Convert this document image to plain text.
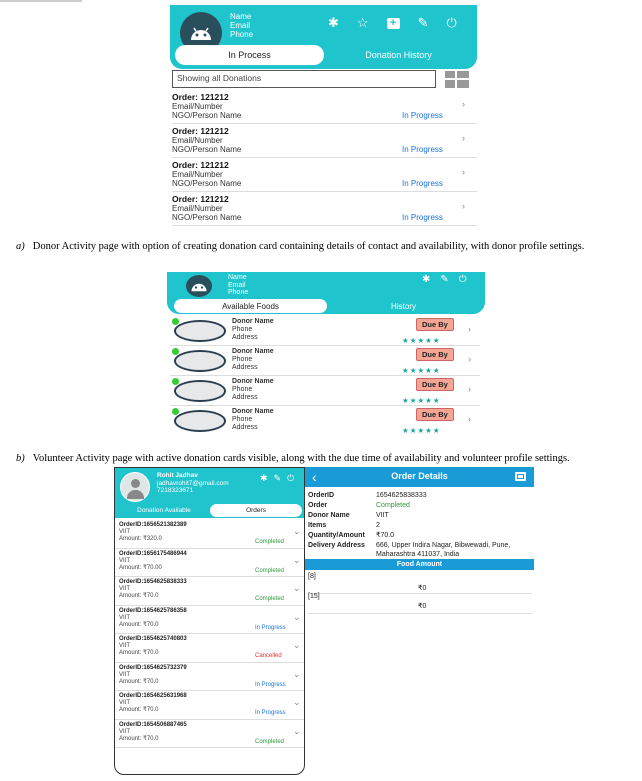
Name
Email
Phone
✱ ☆ + ✎ ⏻
In Process	Donation History
Showing all Donations
Order: 121212
Email/Number
NGO/Person Name	In Progress
›
Order: 121212
Email/Number
NGO/Person Name	In Progress
›
Order: 121212
Email/Number
NGO/Person Name	In Progress
›
Order: 121212
Email/Number
NGO/Person Name	In Progress
›
a) Donor Activity page with option of creating donation card containing details of contact and availability, with donor profile settings.
Name
Email
Phone
✱ ✎ ⏻
Available Foods	History
Donor Name
Phone
Address
Due By	›
★★★★★
Donor Name
Phone
Address
Due By	›
★★★★★
Donor Name
Phone
Address
Due By	›
★★★★★
Donor Name
Phone
Address
Due By	›
★★★★★
b) Volunteer Activity page with active donation cards visible, along with the due time of availability and volunteer profile settings.
Rohit Jadhav
jadhavrohit7@gmail.com
7218323671
✱ ✎ ⏻
Donation Available	Orders
OrderID:1656521382389
VIIT
Amount: ₹320.0	Completed
⌄
OrderID:1656175486944
VIIT
Amount: ₹70.00	Completed
⌄
OrderID:1654625838333
VIIT
Amount: ₹70.0	Completed
⌄
OrderID:1654625786358
VIIT
Amount: ₹70.0	In Progress
⌄
OrderID:1654625740803
VIIT
Amount: ₹70.0	Cancelled
⌄
OrderID:1654625732379
VIIT
Amount: ₹70.0	In Progress
⌄
OrderID:1654625631968
VIIT
Amount: ₹70.0	In Progress
⌄
OrderID:1654506887465
VIIT
Amount: ₹70.0	Completed
⌄
‹	Order Details
OrderID	1654625838333
Order	Completed
Donor Name	VIIT
Items	2
Quantity/Amount	₹70.0
Delivery Address	666, Upper Indira Nagar, Bibwewadi, Pune, Maharashtra 411037, India
Food Amount
[8]
₹0
[15]
₹0
